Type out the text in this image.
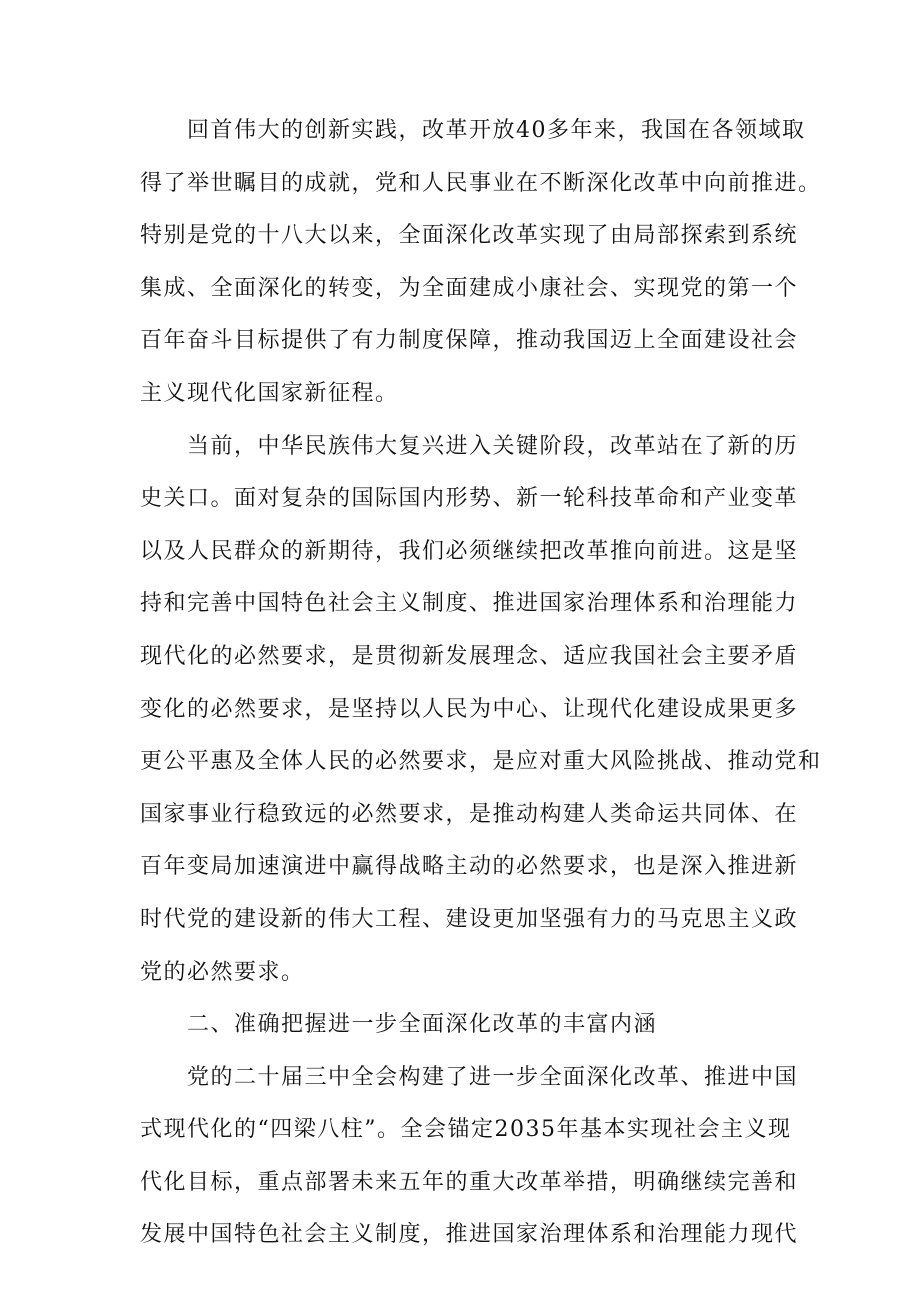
　　回首伟大的创新实践，改革开放40多年来，我国在各领域取
得了举世瞩目的成就，党和人民事业在不断深化改革中向前推进。
特别是党的十八大以来，全面深化改革实现了由局部探索到系统
集成、全面深化的转变，为全面建成小康社会、实现党的第一个
百年奋斗目标提供了有力制度保障，推动我国迈上全面建设社会
主义现代化国家新征程。
　　当前，中华民族伟大复兴进入关键阶段，改革站在了新的历
史关口。面对复杂的国际国内形势、新一轮科技革命和产业变革
以及人民群众的新期待，我们必须继续把改革推向前进。这是坚
持和完善中国特色社会主义制度、推进国家治理体系和治理能力
现代化的必然要求，是贯彻新发展理念、适应我国社会主要矛盾
变化的必然要求，是坚持以人民为中心、让现代化建设成果更多
更公平惠及全体人民的必然要求，是应对重大风险挑战、推动党和
国家事业行稳致远的必然要求，是推动构建人类命运共同体、在
百年变局加速演进中赢得战略主动的必然要求，也是深入推进新
时代党的建设新的伟大工程、建设更加坚强有力的马克思主义政
党的必然要求。
　　二、准确把握进一步全面深化改革的丰富内涵
　　党的二十届三中全会构建了进一步全面深化改革、推进中国
式现代化的“四梁八柱”。全会锚定2035年基本实现社会主义现
代化目标，重点部署未来五年的重大改革举措，明确继续完善和
发展中国特色社会主义制度，推进国家治理体系和治理能力现代
